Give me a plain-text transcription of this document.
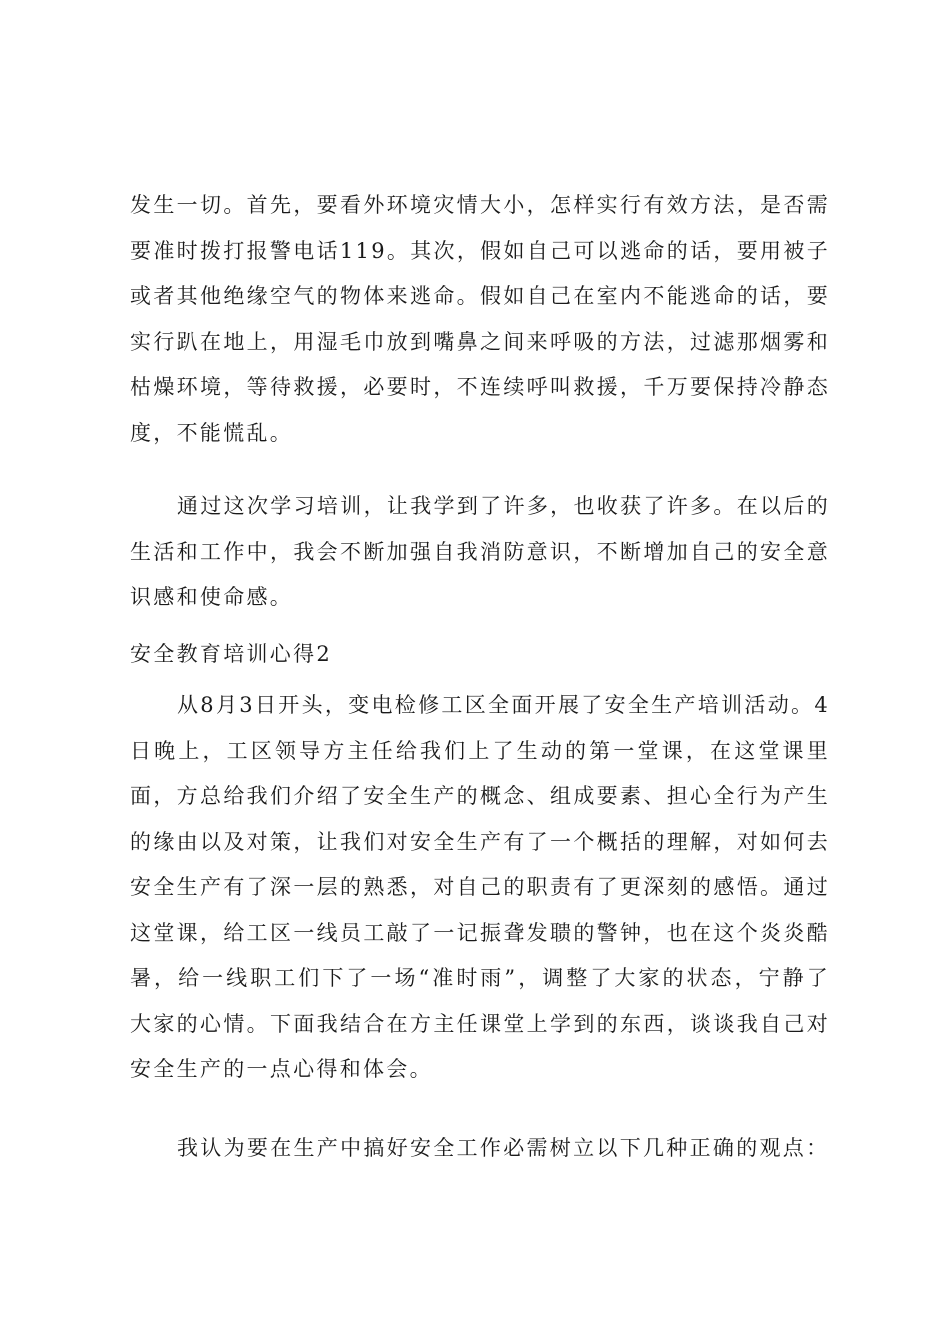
发生一切。首先，要看外环境灾情大小，怎样实行有效方法，是否需要准时拨打报警电话119。其次，假如自己可以逃命的话，要用被子或者其他绝缘空气的物体来逃命。假如自己在室内不能逃命的话，要实行趴在地上，用湿毛巾放到嘴鼻之间来呼吸的方法，过滤那烟雾和枯燥环境，等待救援，必要时，不连续呼叫救援，千万要保持冷静态度，不能慌乱。

通过这次学习培训，让我学到了许多，也收获了许多。在以后的生活和工作中，我会不断加强自我消防意识，不断增加自己的安全意识感和使命感。

安全教育培训心得2

从8月3日开头，变电检修工区全面开展了安全生产培训活动。4日晚上，工区领导方主任给我们上了生动的第一堂课，在这堂课里面，方总给我们介绍了安全生产的概念、组成要素、担心全行为产生的缘由以及对策，让我们对安全生产有了一个概括的理解，对如何去安全生产有了深一层的熟悉，对自己的职责有了更深刻的感悟。通过这堂课，给工区一线员工敲了一记振聋发聩的警钟，也在这个炎炎酷暑，给一线职工们下了一场“准时雨”，调整了大家的状态，宁静了大家的心情。下面我结合在方主任课堂上学到的东西，谈谈我自己对安全生产的一点心得和体会。

我认为要在生产中搞好安全工作必需树立以下几种正确的观点：
